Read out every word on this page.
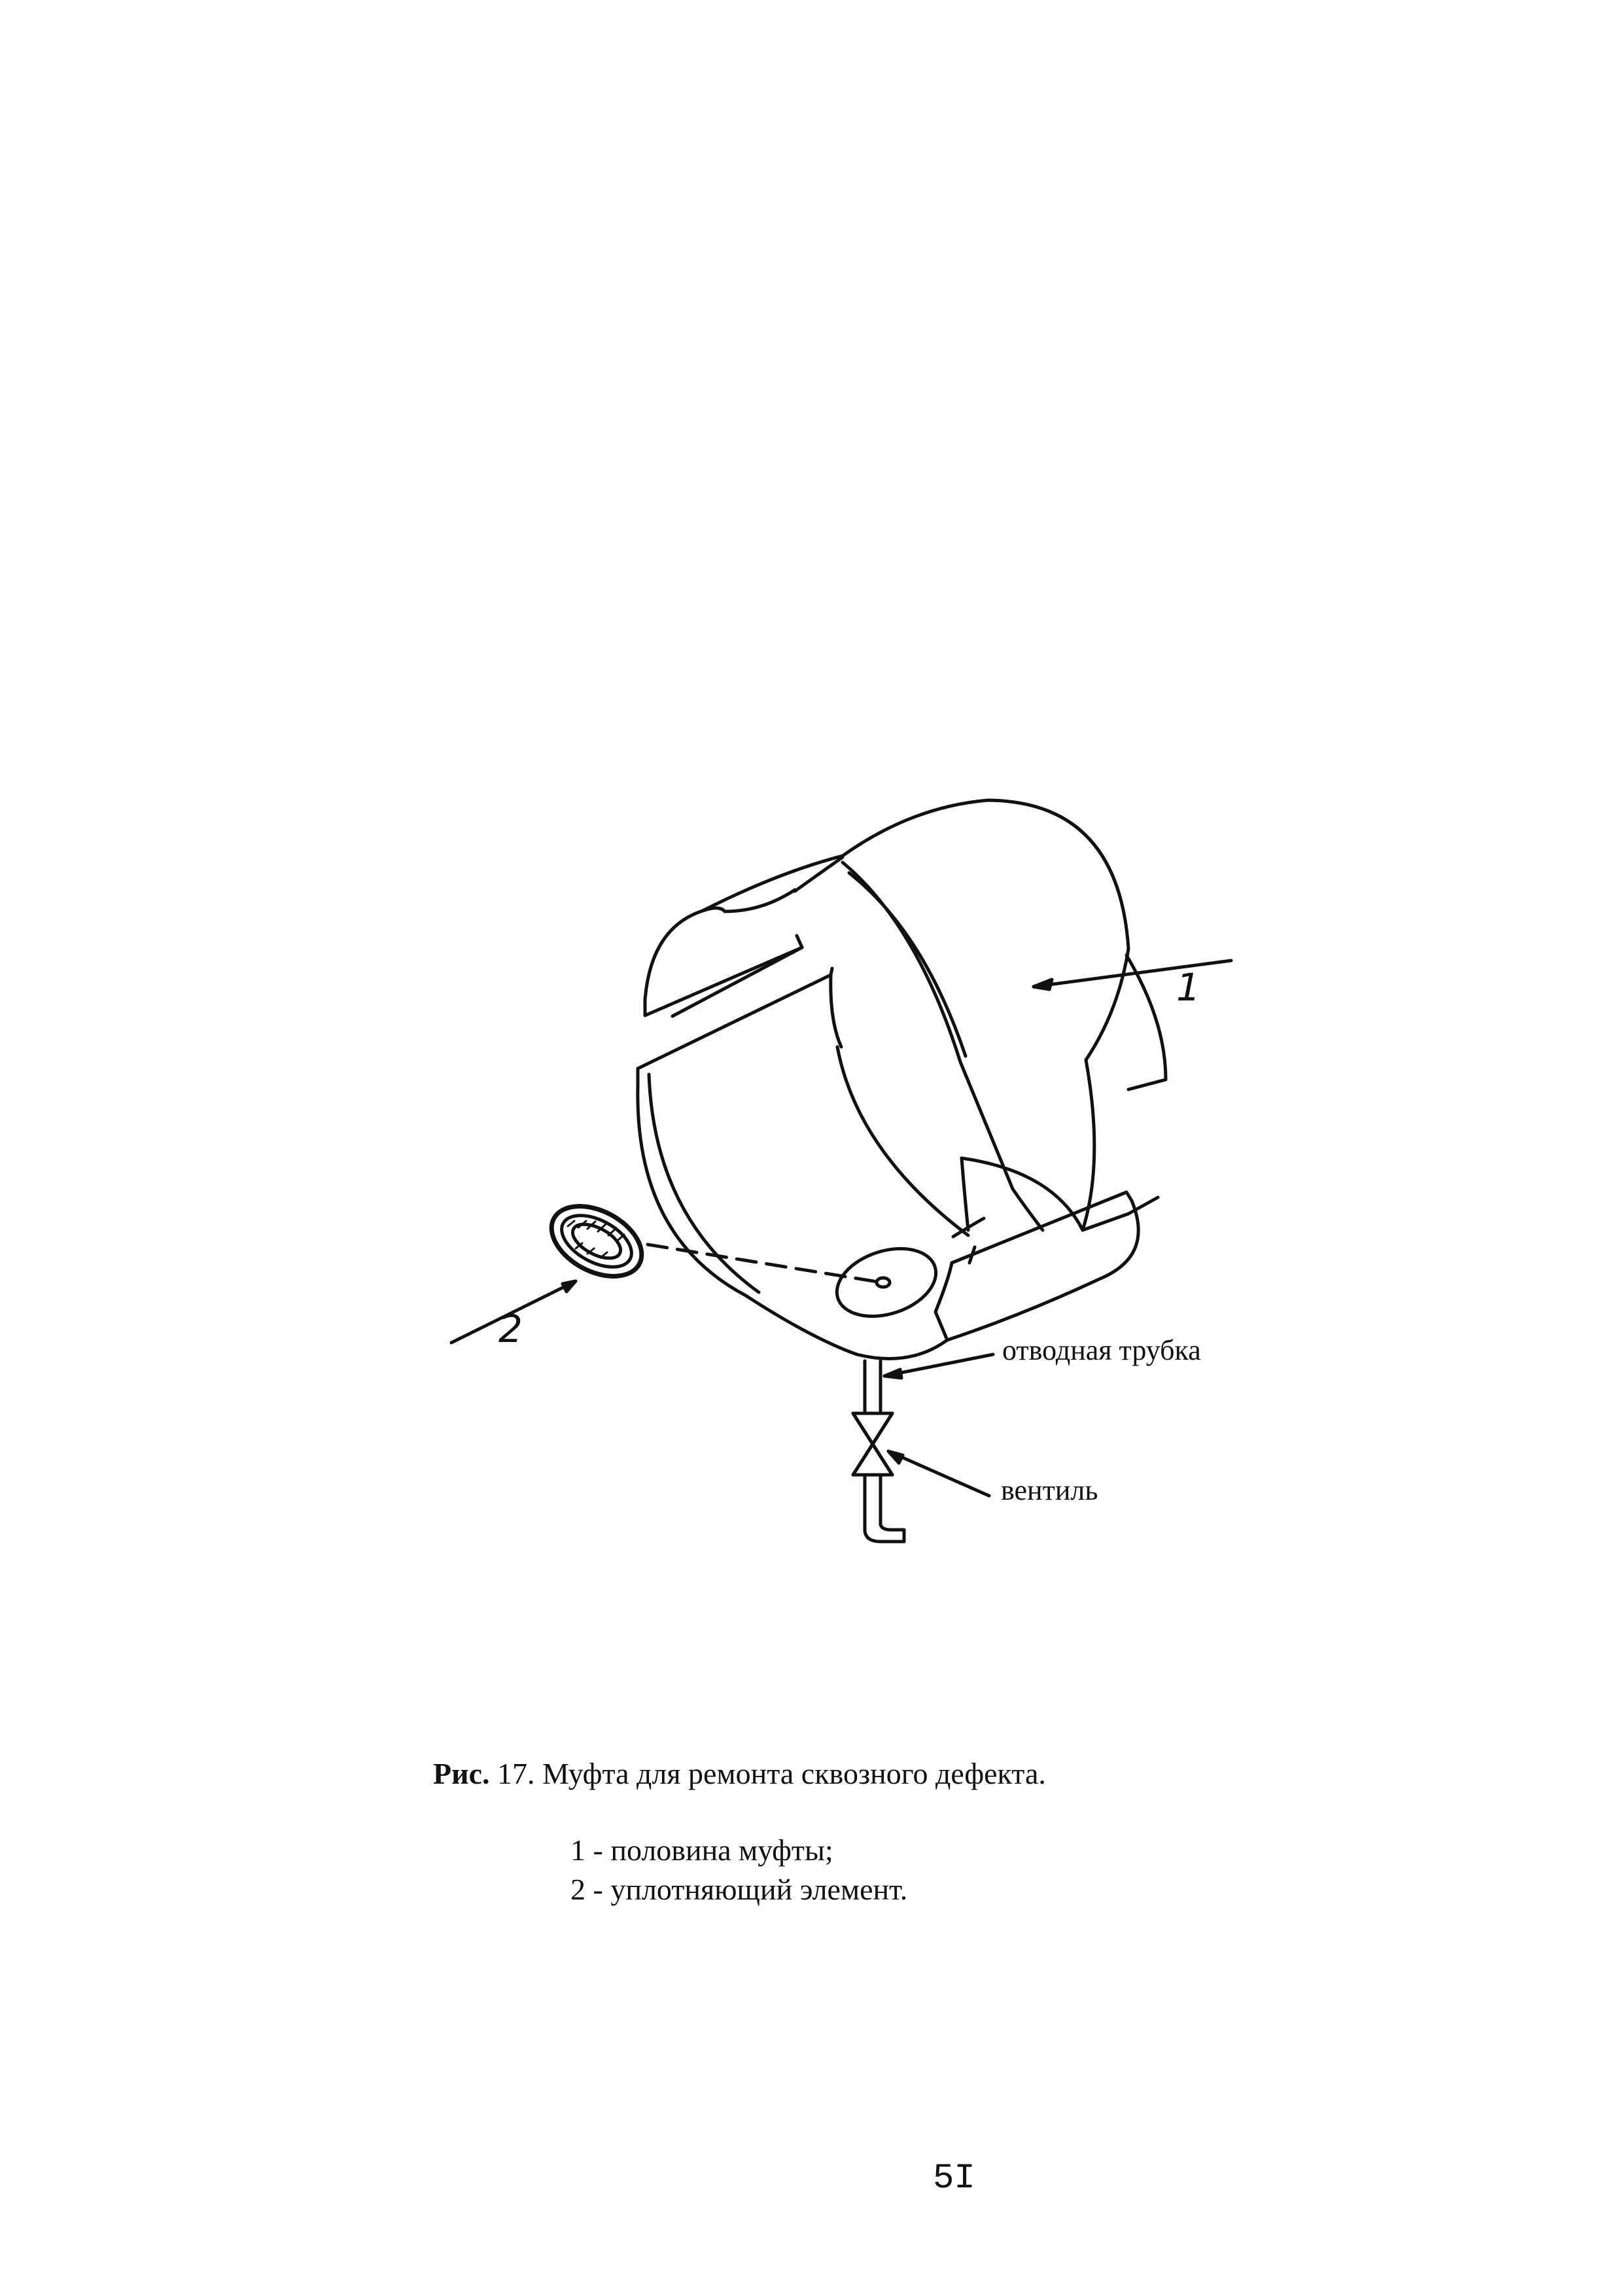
1
2	отводная трубка
вентиль
Рис. 17. Муфта для ремонта сквозного дефекта.
1 - половина муфты;
2 - уплотняющий элемент.
5I
